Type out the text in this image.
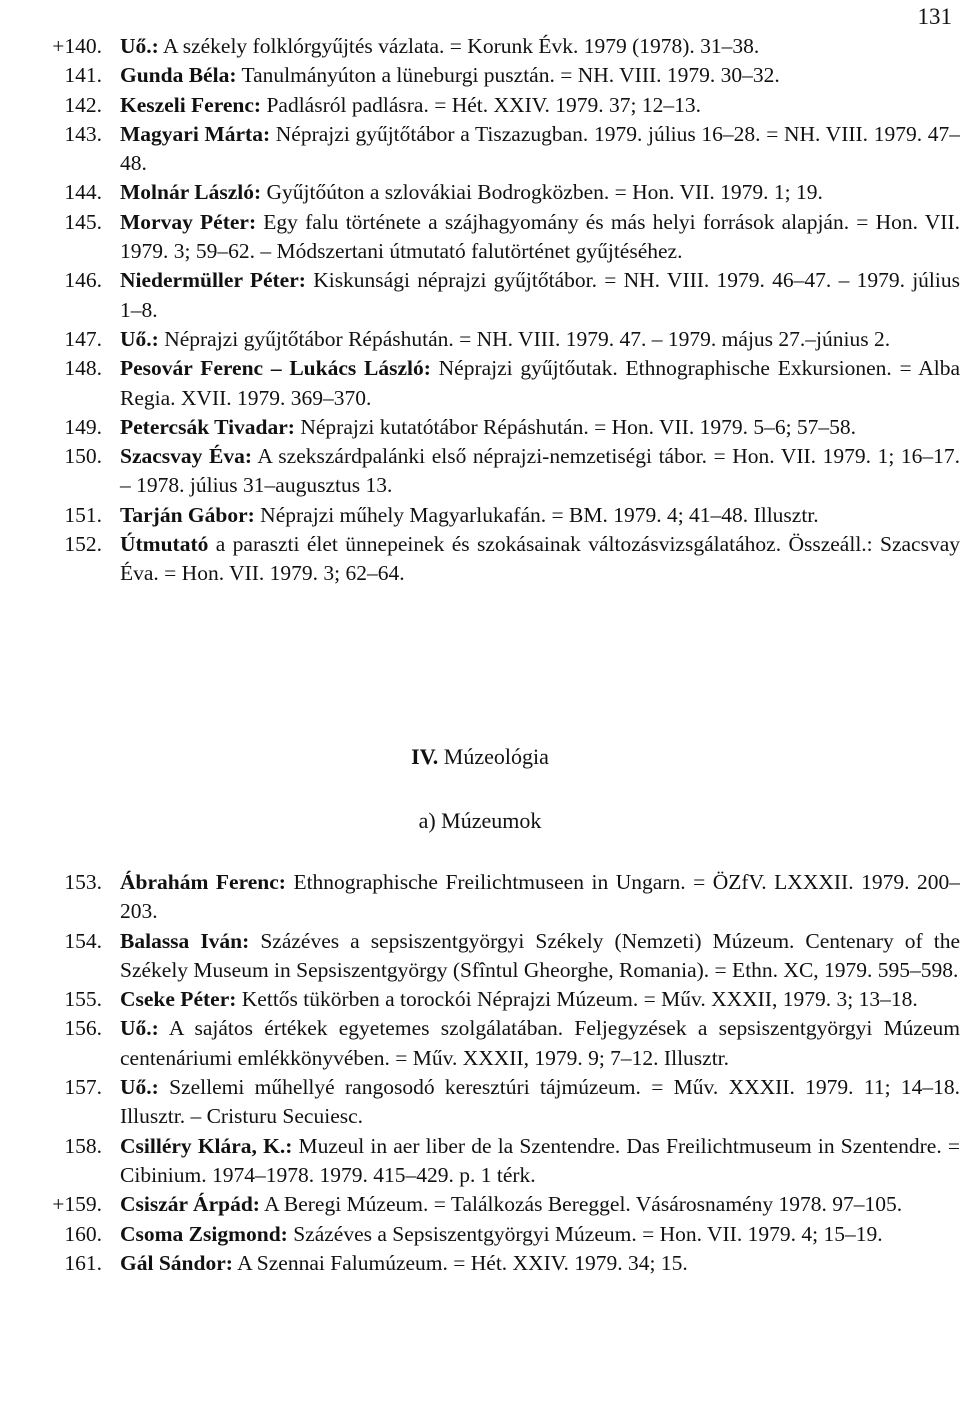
131
+140. Uő.: A székely folklórgyűjtés vázlata. = Korunk Évk. 1979 (1978). 31–38.
141. Gunda Béla: Tanulmányúton a lüneburgi pusztán. = NH. VIII. 1979. 30–32.
142. Keszeli Ferenc: Padlásról padlásra. = Hét. XXIV. 1979. 37; 12–13.
143. Magyari Márta: Néprajzi gyűjtőtábor a Tiszazugban. 1979. július 16–28. = NH. VIII. 1979. 47–48.
144. Molnár László: Gyűjtőúton a szlovákiai Bodrogközben. = Hon. VII. 1979. 1; 19.
145. Morvay Péter: Egy falu története a szájhagyomány és más helyi források alapján. = Hon. VII. 1979. 3; 59–62. – Módszertani útmutató falutörténet gyűjtéséhez.
146. Niedermüller Péter: Kiskunsági néprajzi gyűjtőtábor. = NH. VIII. 1979. 46–47. – 1979. július 1–8.
147. Uő.: Néprajzi gyűjtőtábor Répáshután. = NH. VIII. 1979. 47. – 1979. május 27.–június 2.
148. Pesovár Ferenc – Lukács László: Néprajzi gyűjtőutak. Ethnographische Exkursionen. = Alba Regia. XVII. 1979. 369–370.
149. Petercsák Tivadar: Néprajzi kutatótábor Répáshután. = Hon. VII. 1979. 5–6; 57–58.
150. Szacsvay Éva: A szekszárdpalánki első néprajzi-nemzetiségi tábor. = Hon. VII. 1979. 1; 16–17. – 1978. július 31–augusztus 13.
151. Tarján Gábor: Néprajzi műhely Magyarlukafán. = BM. 1979. 4; 41–48. Illusztr.
152. Útmutató a paraszti élet ünnepeinek és szokásainak változásvizsgálatához. Összeáll.: Szacsvay Éva. = Hon. VII. 1979. 3; 62–64.
IV. Múzeológia
a) Múzeumok
153. Ábrahám Ferenc: Ethnographische Freilichtmuseen in Ungarn. = ÖZfV. LXXXII. 1979. 200–203.
154. Balassa Iván: Százéves a sepsiszentgyörgyi Székely (Nemzeti) Múzeum. Centenary of the Székely Museum in Sepsiszentgyörgy (Sfîntul Gheorghe, Romania). = Ethn. XC, 1979. 595–598.
155. Cseke Péter: Kettős tükörben a torockói Néprajzi Múzeum. = Műv. XXXII, 1979. 3; 13–18.
156. Uő.: A sajátos értékek egyetemes szolgálatában. Feljegyzések a sepsiszentgyörgyi Múzeum centenáriumi emlékkönyvében. = Műv. XXXII, 1979. 9; 7–12. Illusztr.
157. Uő.: Szellemi műhellyé rangosodó keresztúri tájmúzeum. = Műv. XXXII. 1979. 11; 14–18. Illusztr. – Cristuru Secuiesc.
158. Csilléry Klára, K.: Muzeul in aer liber de la Szentendre. Das Freilichtmuseum in Szentendre. = Cibinium. 1974–1978. 1979. 415–429. p. 1 térk.
+159. Csiszár Árpád: A Beregi Múzeum. = Találkozás Bereggel. Vásárosnamény 1978. 97–105.
160. Csoma Zsigmond: Százéves a Sepsiszentgyörgyi Múzeum. = Hon. VII. 1979. 4; 15–19.
161. Gál Sándor: A Szennai Falumúzeum. = Hét. XXIV. 1979. 34; 15.
